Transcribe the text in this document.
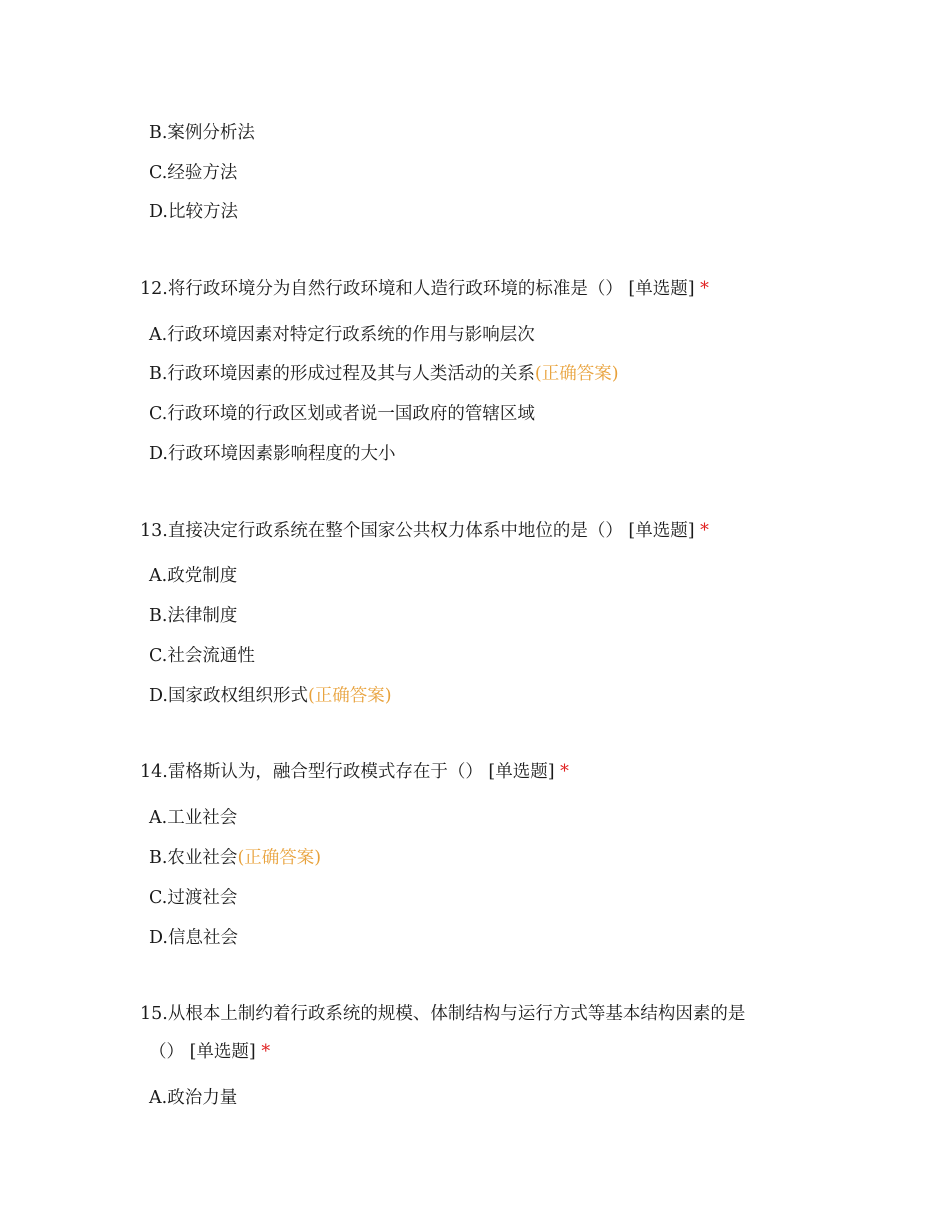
B.案例分析法
C.经验方法
D.比较方法
12.将行政环境分为自然行政环境和人造行政环境的标准是（） [单选题] *
A.行政环境因素对特定行政系统的作用与影响层次
B.行政环境因素的形成过程及其与人类活动的关系(正确答案)
C.行政环境的行政区划或者说一国政府的管辖区域
D.行政环境因素影响程度的大小
13.直接决定行政系统在整个国家公共权力体系中地位的是（） [单选题] *
A.政党制度
B.法律制度
C.社会流通性
D.国家政权组织形式(正确答案)
14.雷格斯认为，融合型行政模式存在于（） [单选题] *
A.工业社会
B.农业社会(正确答案)
C.过渡社会
D.信息社会
15.从根本上制约着行政系统的规模、体制结构与运行方式等基本结构因素的是
（） [单选题] *
A.政治力量
